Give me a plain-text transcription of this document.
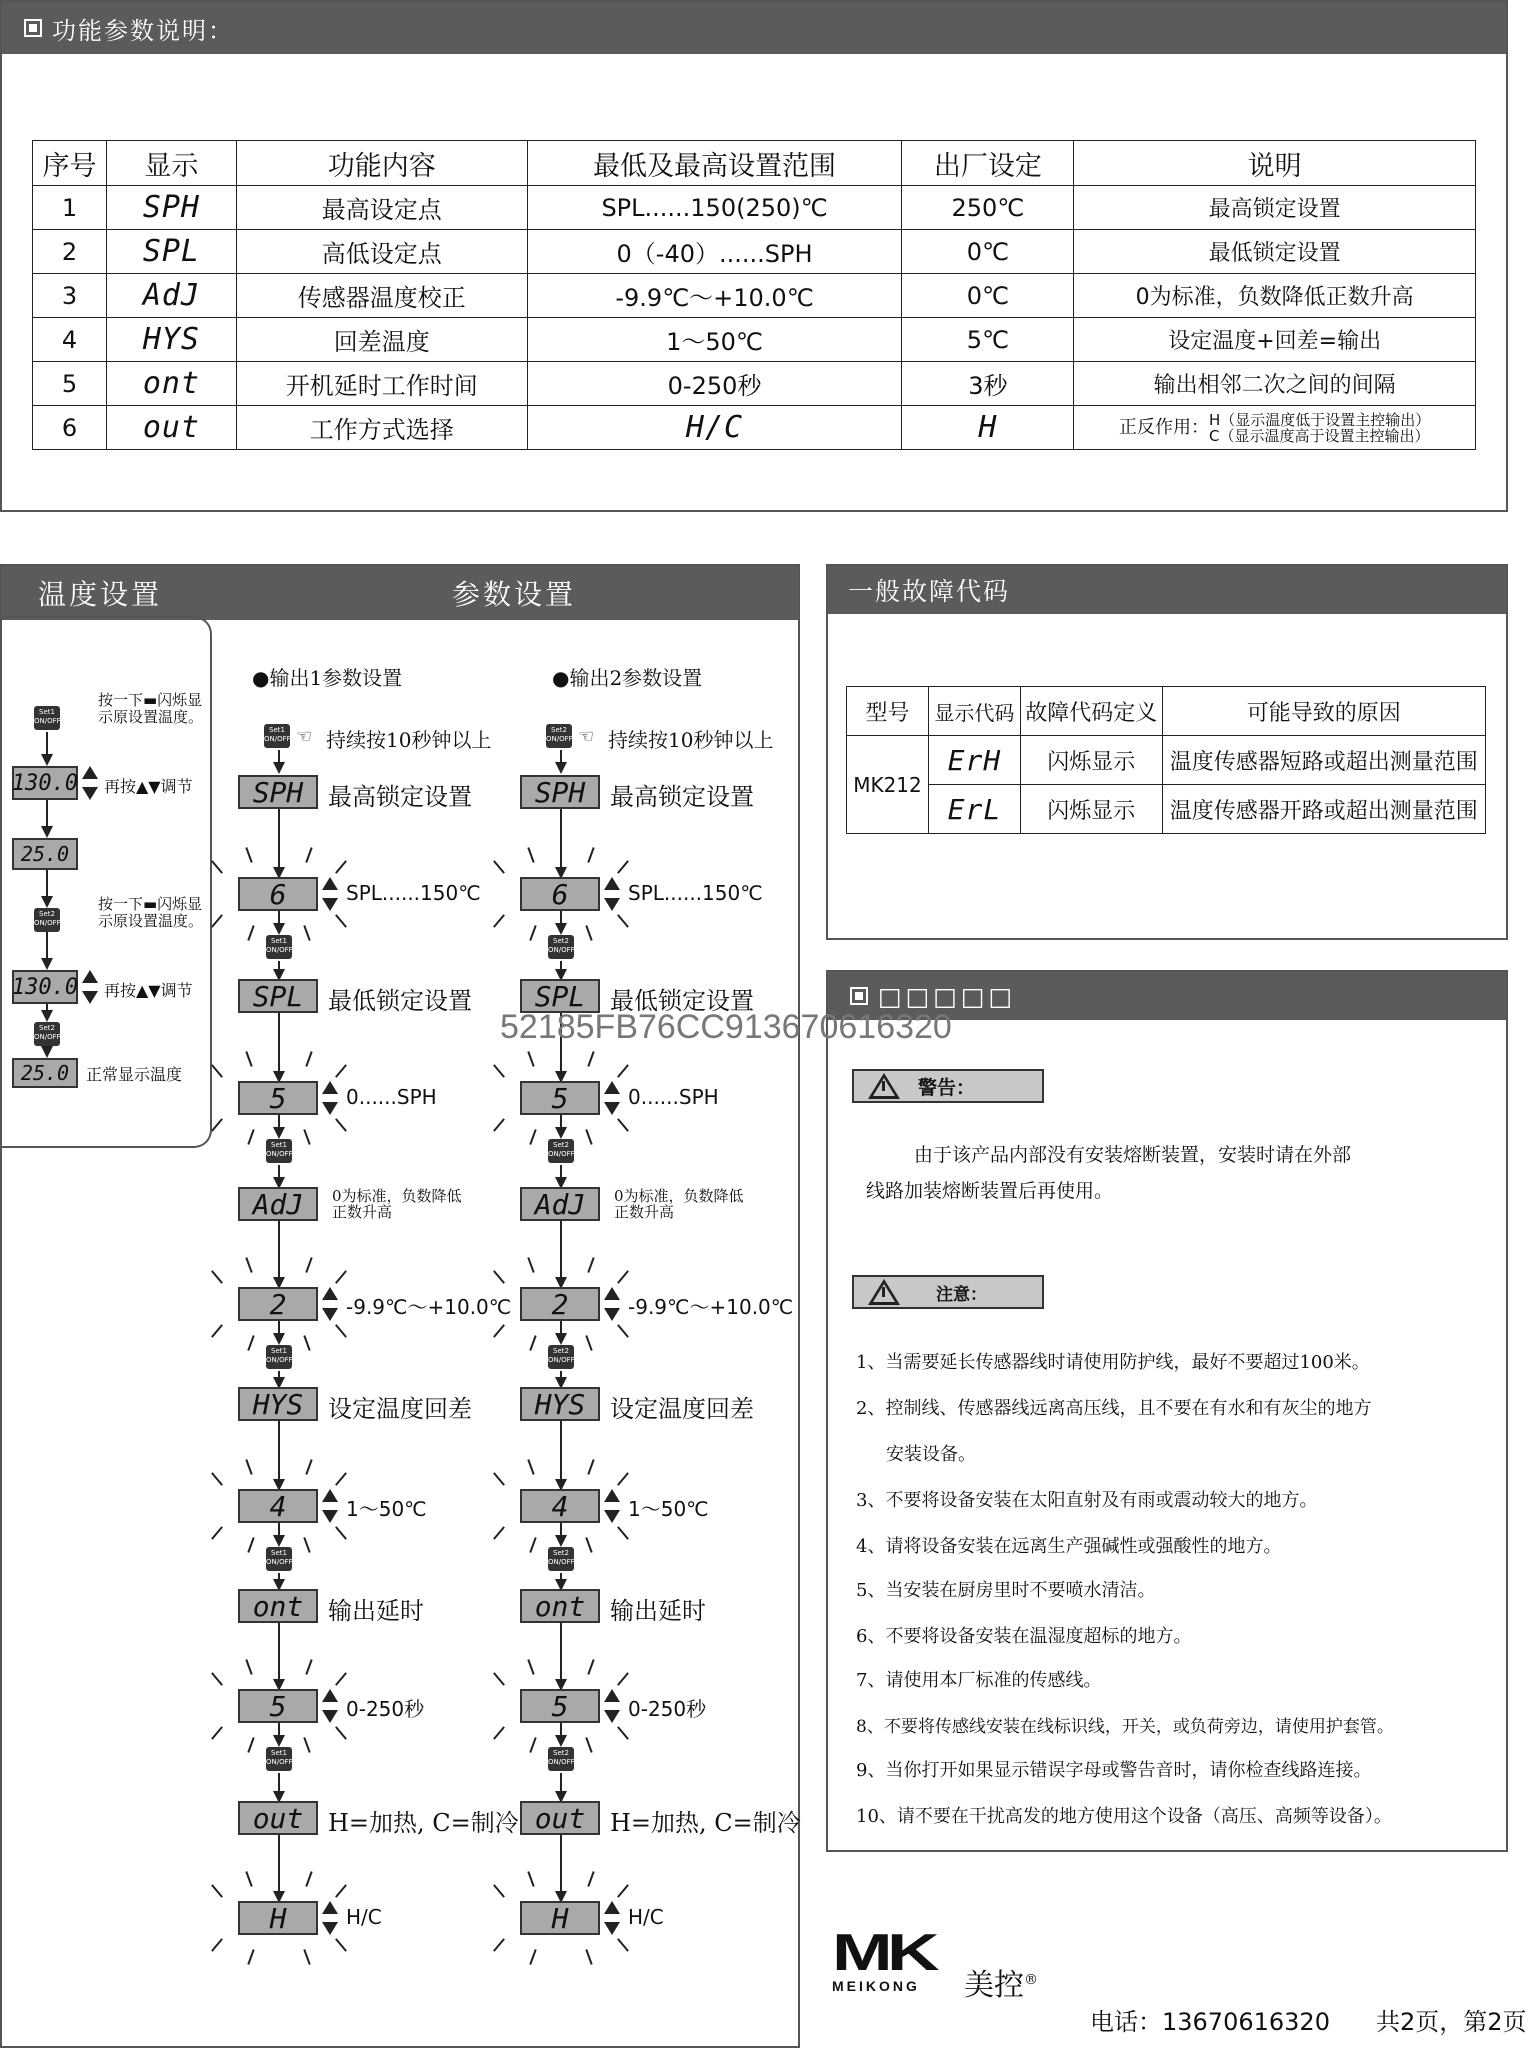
功能参数说明：
序号	显示	功能内容	最低及最高设置范围	出厂设定	说明
1	SPH	最高设定点	SPL......150(250)℃	250℃	最高锁定设置
2	SPL	高低设定点	0（-40）......SPH	0℃	最低锁定设置
3	AdJ	传感器温度校正	-9.9℃～+10.0℃	0℃	0为标准，负数降低正数升高
4	HYS	回差温度	1～50℃	5℃	设定温度+回差=输出
5	ont	开机延时工作时间	0-250秒	3秒	输出相邻二次之间的间隔
6	out	工作方式选择	H/C	H	正反作用：H（显示温度低于设置主控输出）
C（显示温度高于设置主控输出）
温度设置	参数设置
Set1 ON/OFF
按一下▬闪烁显示原设置温度。
130.0 再按▲▼调节
25.0
Set2 ON/OFF
按一下▬闪烁显示原设置温度。
130.0 再按▲▼调节
Set2 ON/OFF
25.0 正常显示温度
●输出1参数设置	●输出2参数设置
Set1 ON/OFF ☜ 持续按10秒钟以上
SPH 最高锁定设置
6	SPL......150℃
Set1 ON/OFF
SPL 最低锁定设置
5	0......SPH
Set1 ON/OFF
AdJ 0为标准，负数降低正数升高
2	-9.9℃～+10.0℃
Set1 ON/OFF
HYS 设定温度回差
4	1～50℃
Set1 ON/OFF
ont 输出延时
5	0-250秒
Set1 ON/OFF
out H=加热, C=制冷
H	H/C
Set2 ON/OFF ☜ 持续按10秒钟以上
SPH 最高锁定设置
6	SPL......150℃
Set2 ON/OFF
SPL 最低锁定设置
5	0......SPH
Set2 ON/OFF
AdJ 0为标准，负数降低正数升高
2	-9.9℃～+10.0℃
Set2 ON/OFF
HYS 设定温度回差
4	1～50℃
Set2 ON/OFF
ont 输出延时
5	0-250秒
Set2 ON/OFF
out H=加热, C=制冷
H	H/C
一般故障代码
型号	显示代码	故障代码定义	可能导致的原因
MK212	ErH	闪烁显示	温度传感器短路或超出测量范围
	ErL	闪烁显示	温度传感器开路或超出测量范围
□□□□□
52185FB76CC913670616320
警告：
由于该产品内部没有安装熔断装置，安装时请在外部
线路加装熔断装置后再使用。
注意：
1、当需要延长传感器线时请使用防护线，最好不要超过100米。
2、控制线、传感器线远离高压线，且不要在有水和有灰尘的地方
安装设备。
3、不要将设备安装在太阳直射及有雨或震动较大的地方。
4、请将设备安装在远离生产强碱性或强酸性的地方。
5、当安装在厨房里时不要喷水清洁。
6、不要将设备安装在温湿度超标的地方。
7、请使用本厂标准的传感线。
8、不要将传感线安装在线标识线，开关，或负荷旁边，请使用护套管。
9、当你打开如果显示错误字母或警告音时，请你检查线路连接。
10、请不要在干扰高发的地方使用这个设备（高压、高频等设备）。
MK
MEIKONG	美控®
电话：13670616320 共2页，第2页
